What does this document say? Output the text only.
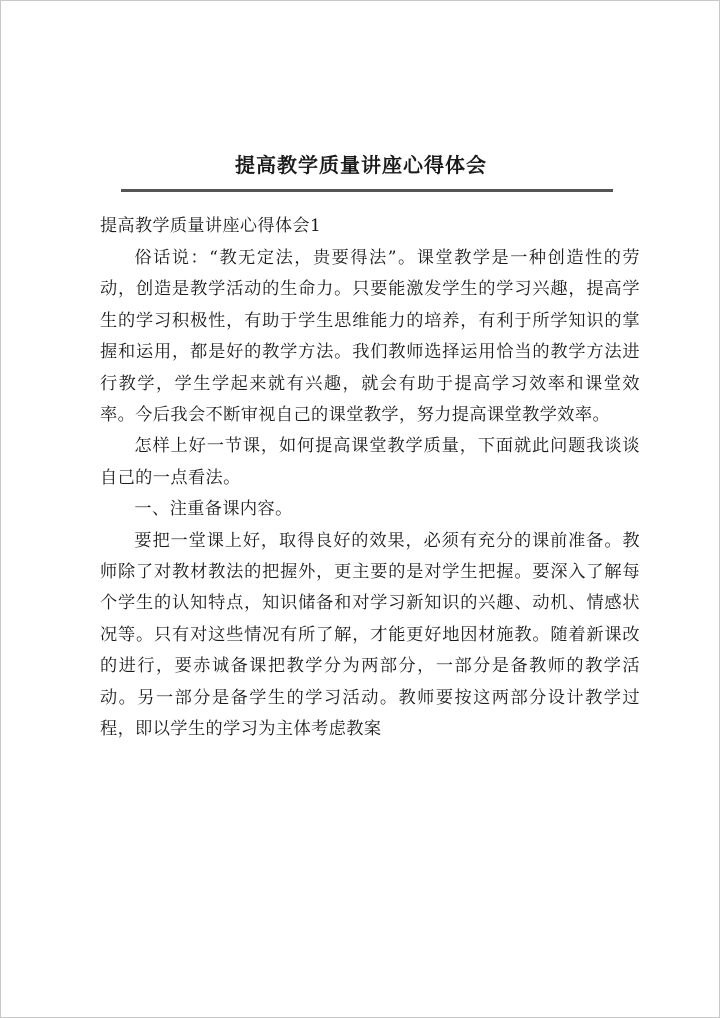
提高教学质量讲座心得体会
提高教学质量讲座心得体会1

俗话说：“教无定法，贵要得法”。课堂教学是一种创造性的劳动，创造是教学活动的生命力。只要能激发学生的学习兴趣，提高学生的学习积极性，有助于学生思维能力的培养，有利于所学知识的掌握和运用，都是好的教学方法。我们教师选择运用恰当的教学方法进行教学，学生学起来就有兴趣，就会有助于提高学习效率和课堂效率。今后我会不断审视自己的课堂教学，努力提高课堂教学效率。

怎样上好一节课，如何提高课堂教学质量，下面就此问题我谈谈自己的一点看法。

一、注重备课内容。

要把一堂课上好，取得良好的效果，必须有充分的课前准备。教师除了对教材教法的把握外，更主要的是对学生把握。要深入了解每个学生的认知特点，知识储备和对学习新知识的兴趣、动机、情感状况等。只有对这些情况有所了解，才能更好地因材施教。随着新课改的进行，要赤诚备课把教学分为两部分，一部分是备教师的教学活动。另一部分是备学生的学习活动。教师要按这两部分设计教学过程，即以学生的学习为主体考虑教案
